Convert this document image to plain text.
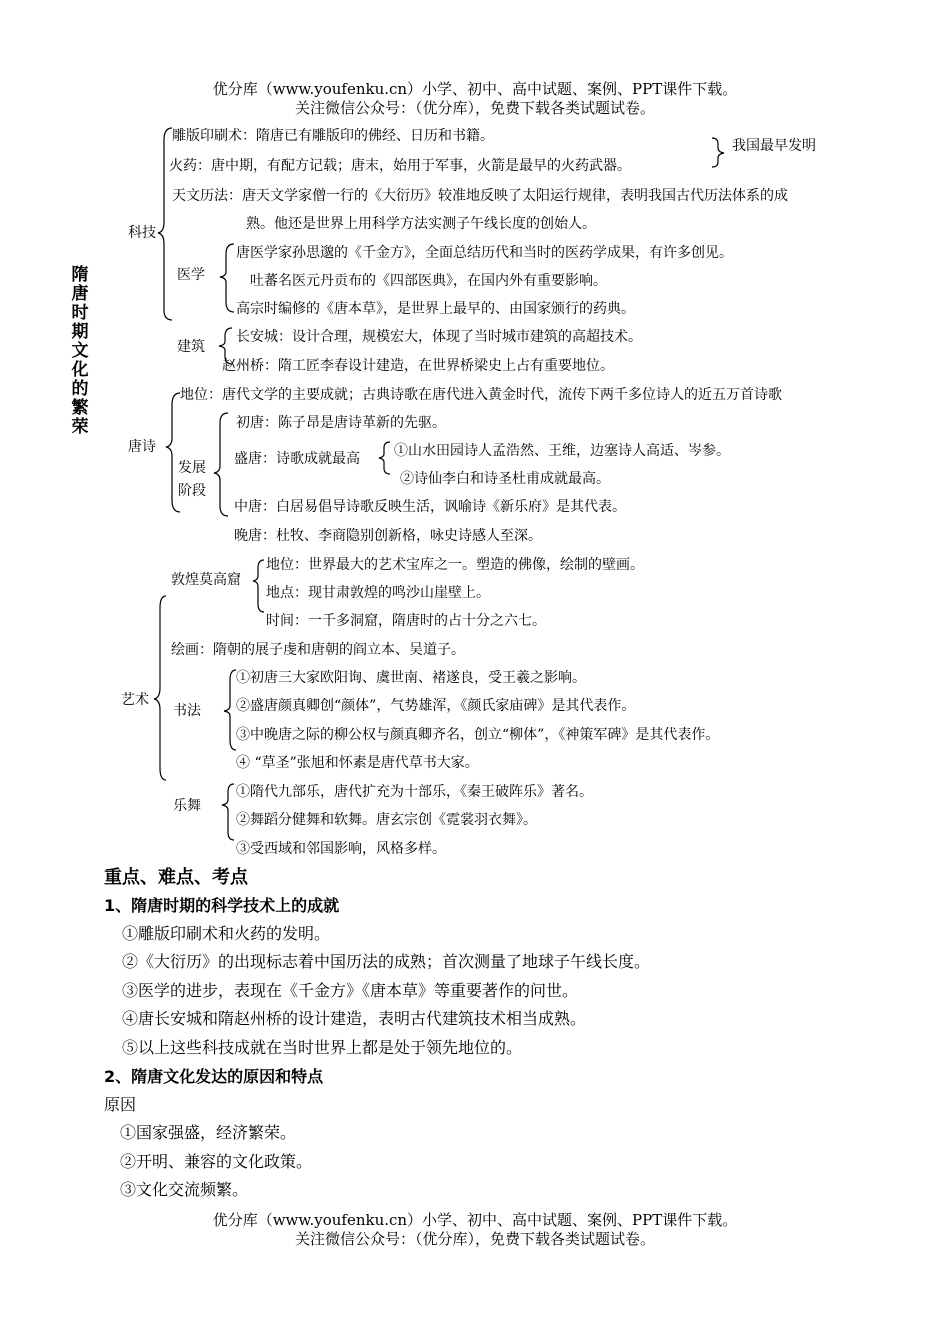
优分库（www.youfenku.cn）小学、初中、高中试题、案例、PPT课件下载。
关注微信公众号：（优分库），免费下载各类试题试卷。
隋唐时期文化的繁荣
科技
雕版印刷术：隋唐已有雕版印的佛经、日历和书籍。
火药：唐中期，有配方记载；唐末，始用于军事，火箭是最早的火药武器。
我国最早发明
天文历法：唐天文学家僧一行的《大衍历》较准地反映了太阳运行规律，表明我国古代历法体系的成
熟。他还是世界上用科学方法实测子午线长度的创始人。
医学
唐医学家孙思邈的《千金方》，全面总结历代和当时的医药学成果，有许多创见。
吐蕃名医元丹贡布的《四部医典》，在国内外有重要影响。
高宗时编修的《唐本草》，是世界上最早的、由国家颁行的药典。
建筑
长安城：设计合理，规模宏大，体现了当时城市建筑的高超技术。
赵州桥：隋工匠李春设计建造，在世界桥梁史上占有重要地位。
唐诗
地位：唐代文学的主要成就；古典诗歌在唐代进入黄金时代，流传下两千多位诗人的近五万首诗歌
发展
阶段
初唐：陈子昂是唐诗革新的先驱。
盛唐：诗歌成就最高 ①山水田园诗人孟浩然、王维，边塞诗人高适、岑参。
②诗仙李白和诗圣杜甫成就最高。
中唐：白居易倡导诗歌反映生活，讽喻诗《新乐府》是其代表。
晚唐：杜牧、李商隐别创新格，咏史诗感人至深。
艺术
敦煌莫高窟
地位：世界最大的艺术宝库之一。塑造的佛像，绘制的壁画。
地点：现甘肃敦煌的鸣沙山崖壁上。
时间：一千多洞窟，隋唐时的占十分之六七。
绘画：隋朝的展子虔和唐朝的阎立本、吴道子。
书法
①初唐三大家欧阳询、虞世南、褚遂良，受王羲之影响。
②盛唐颜真卿创“颜体”，气势雄浑，《颜氏家庙碑》是其代表作。
③中晚唐之际的柳公权与颜真卿齐名，创立“柳体”，《神策军碑》是其代表作。
④ “草圣”张旭和怀素是唐代草书大家。
乐舞
①隋代九部乐，唐代扩充为十部乐，《秦王破阵乐》著名。
②舞蹈分健舞和软舞。唐玄宗创《霓裳羽衣舞》。
③受西域和邻国影响，风格多样。
重点、难点、考点
1、隋唐时期的科学技术上的成就
①雕版印刷术和火药的发明。
②《大衍历》的出现标志着中国历法的成熟；首次测量了地球子午线长度。
③医学的进步，表现在《千金方》《唐本草》等重要著作的问世。
④唐长安城和隋赵州桥的设计建造，表明古代建筑技术相当成熟。
⑤以上这些科技成就在当时世界上都是处于领先地位的。
2、隋唐文化发达的原因和特点
原因
①国家强盛，经济繁荣。
②开明、兼容的文化政策。
③文化交流频繁。
优分库（www.youfenku.cn）小学、初中、高中试题、案例、PPT课件下载。
关注微信公众号：（优分库），免费下载各类试题试卷。
